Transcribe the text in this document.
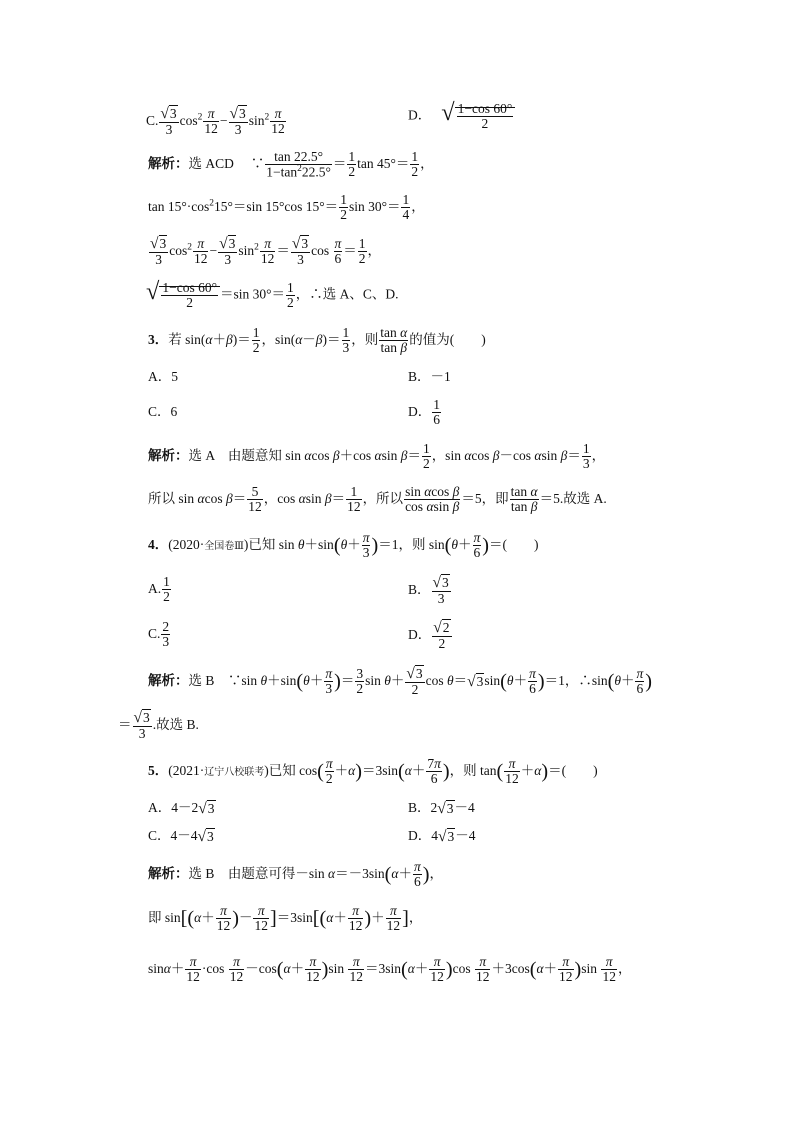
C. $\frac{√3}{3} \cos^2 \frac{\pi}{12} - \frac{√3}{3} \sin^2 \frac{\pi}{12}$	D． √ $\frac{1-\cos 60^\circ}{2}$
解析：选 ACD　 ∵ $\frac{\tan 22.5^\circ}{1-\tan^222.5^\circ} = \frac{1}{2}$ $\tan 45^\circ= \frac{1}{2}$ ，
$\tan 15^\circ\cdot\cos^215^\circ=\sin$ 15°cos $15^\circ= \frac{1}{2}$ $\sin 30^\circ= \frac{1}{4}$ ，
$\frac{√3}{3} \cos^2 \frac{\pi}{12} - \frac{√3}{3} \sin^2 \frac{\pi}{12} = \frac{√3}{3}$ $\cos \frac{\pi}{6} = \frac{1}{2}$ ，
√ $\frac{1-\cos 60^\circ}{2} =\sin$ $30^\circ= \frac{1}{2}$ ，∴选 A、C、D.
3．若 $\sin(\alpha+\beta)= \frac{1}{2}$ ，$\sin(\alpha-\beta)= \frac{1}{3}$ ，则 $\frac{\text{tan α}}{\text{tan β}}$ 的值为(　　)
A．5	B．－1
C．6	D． $\frac{1}{6}$
解析：选 A　由题意知 sin αcos β＋cos αsin $\beta= \frac{1}{2}$ ，sin αcos β－cos αsin $\beta= \frac{1}{3}$ ，
所以 sin αcos $\beta= \frac{5}{12}$ ，cos αsin $\beta= \frac{1}{12}$ ，所以 $\frac{\text{sin αcos β}}{\text{cos αsin β}} =5$，即 $\frac{\text{tan α}}{\text{tan β}} =5$.故选 A.
4．(2020·全国卷Ⅲ)已知 $\sin \theta+\sin(\theta+ \frac{\pi}{3} )=1$，则 $\sin(\theta+ \frac{\pi}{6}$ )＝(　　)
A. $\frac{1}{2}$	B． $\frac{√3}{3}$
C. $\frac{2}{3}$	D． $\frac{√2}{2}$
解析：选 B　∵sin $\theta+\sin(\theta+ \frac{\pi}{3}$ )＝ $\frac{3}{2}$ $\sin \theta+ \frac{√3}{2}$ $\cos \theta=√3\sin(\theta+ \frac{\pi}{6} )=1$，∴sin(θ＋ $\frac{\pi}{6}$ )
＝ $\frac{√3}{3}$ .故选 B.
5．(2021·辽宁八校联考)已知 $\cos( \frac{\pi}{2} +\alpha)=3\sin(\alpha+ \frac{7\pi}{6}$ )，则 $\tan( \frac{\pi}{12} +\alpha)=$(　　)
A．4－2√3	B．2√3－4
C．4－4√3	D．4√3－4
解析：选 B　由题意可得－sin $\alpha=-3\sin(\alpha+ \frac{\pi}{6}$ )，
即 $\sin[(\alpha+ \frac{\pi}{12}$ )－ $\frac{\pi}{12} ]=3\sin[(\alpha+ \frac{\pi}{12}$ )＋ $\frac{\pi}{12}$ ]，
$\sin\alpha+ \frac{\pi}{12} \cdot\cos \frac{\pi}{12} -\cos(\alpha+ \frac{\pi}{12} )\sin \frac{\pi}{12} =3\sin(\alpha+ \frac{\pi}{12} )\cos \frac{\pi}{12} +3\cos(\alpha+ \frac{\pi}{12} )\sin \frac{\pi}{12}$ ，
